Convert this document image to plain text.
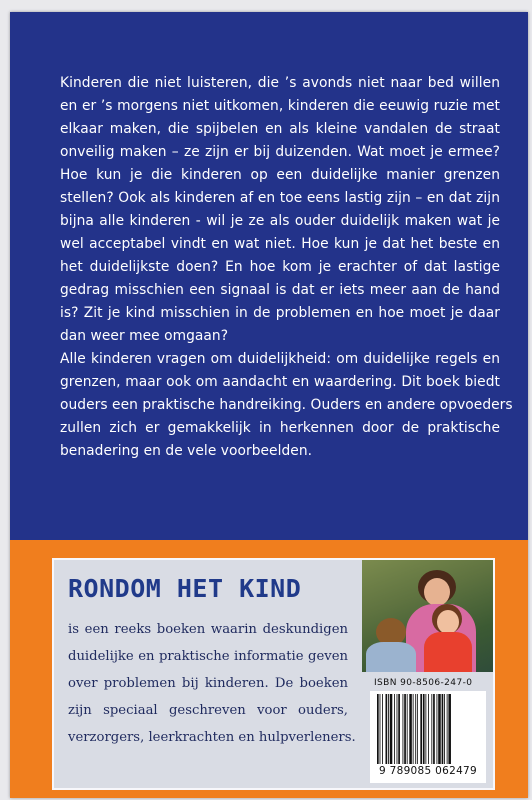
Kinderen die niet luisteren, die ’s avonds niet naar bed willen
en er ’s morgens niet uitkomen, kinderen die eeuwig ruzie met
elkaar maken, die spijbelen en als kleine vandalen de straat
onveilig maken – ze zijn er bij duizenden. Wat moet je ermee?
Hoe kun je die kinderen op een duidelijke manier grenzen
stellen? Ook als kinderen af en toe eens lastig zijn – en dat zijn
bijna alle kinderen - wil je ze als ouder duidelijk maken wat je
wel acceptabel vindt en wat niet. Hoe kun je dat het beste en
het duidelijkste doen? En hoe kom je erachter of dat lastige
gedrag misschien een signaal is dat er iets meer aan de hand
is? Zit je kind misschien in de problemen en hoe moet je daar
dan weer mee omgaan?

Alle kinderen vragen om duidelijkheid: om duidelijke regels en
grenzen, maar ook om aandacht en waardering. Dit boek biedt
ouders een praktische handreiking. Ouders en andere opvoeders
zullen zich er gemakkelijk in herkennen door de praktische
benadering en de vele voorbeelden.

RONDOM HET KIND
is een reeks boeken waarin deskundigen
duidelijke en praktische informatie geven
over problemen bij kinderen. De boeken
zijn speciaal geschreven voor ouders,
verzorgers, leerkrachten en hulpverleners.
ISBN 90-8506-247-0
9 789085 062479
